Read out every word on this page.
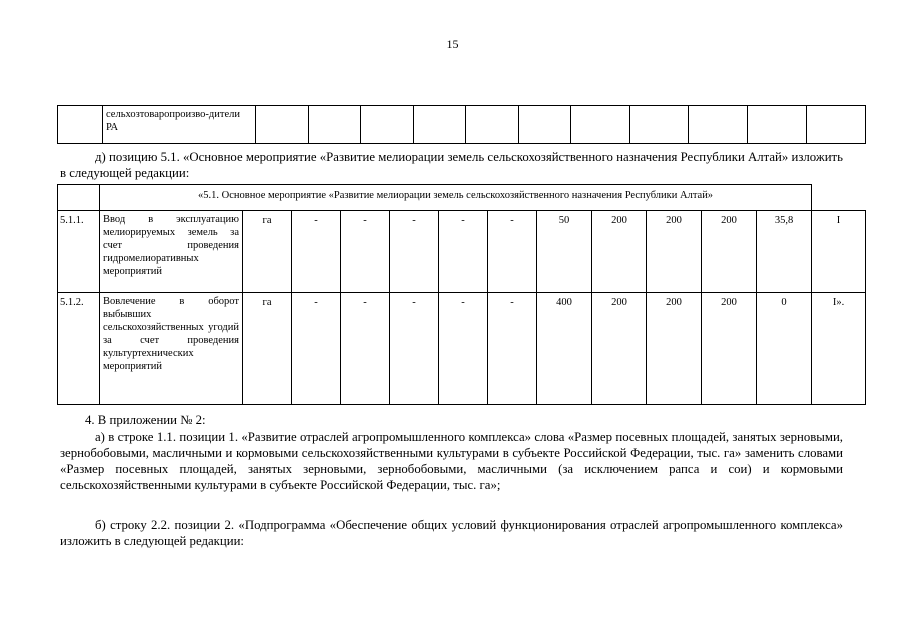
15
	сельхозтоваропроизво-дители РА											

д) позицию 5.1. «Основное мероприятие «Развитие мелиорации земель сельскохозяйственного назначения Республики Алтай» изложить в следующей редакции:

	«5.1. Основное мероприятие «Развитие мелиорации земель сельскохозяйственного назначения Республики Алтай»												
5.1.1.	Ввод в эксплуатацию мелиорируемых земель за счет проведения гидромелиоративных мероприятий	га	-	-	-	-	-	50	200	200	200	35,8	I
5.1.2.	Вовлечение в оборот выбывших сельскохозяйственных угодий за счет проведения культуртехнических мероприятий	га	-	-	-	-	-	400	200	200	200	0	I».

4. В приложении № 2:

а) в строке 1.1. позиции 1. «Развитие отраслей агропромышленного комплекса» слова «Размер посевных площадей, занятых зерновыми, зернобобовыми, масличными и кормовыми сельскохозяйственными культурами в субъекте Российской Федерации, тыс. га» заменить словами «Размер посевных площадей, занятых зерновыми, зернобобовыми, масличными (за исключением рапса и сои) и кормовыми сельскохозяйственными культурами в субъекте Российской Федерации, тыс. га»;

б) строку 2.2. позиции 2. «Подпрограмма «Обеспечение общих условий функционирования отраслей агропромышленного комплекса» изложить в следующей редакции:
